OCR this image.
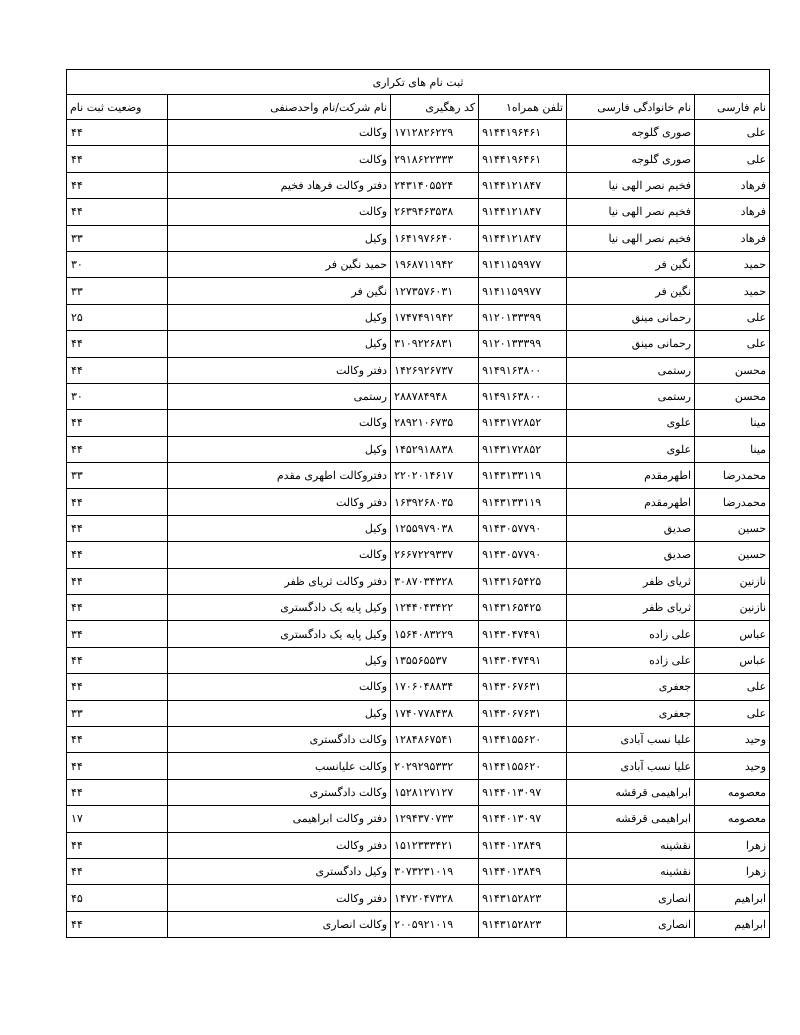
ثبت نام های تکراری					
نام فارسی	نام خانوادگی فارسی	تلفن همراه۱	کد رهگیری	نام شرکت/نام واحدصنفی	وضعیت ثبت نام
علی	صوری گلوجه	۹۱۴۴۱۹۶۴۶۱	۱۷۱۲۸۲۶۲۲۹	وکالت	۴۴
علی	صوری گلوجه	۹۱۴۴۱۹۶۴۶۱	۲۹۱۸۶۲۲۳۳۳	وکالت	۴۴
فرهاد	فخیم نصر الهی نیا	۹۱۴۴۱۲۱۸۴۷	۲۴۳۱۴۰۵۵۲۴	دفتر وکالت فرهاد فخیم	۴۴
فرهاد	فخیم نصر الهی نیا	۹۱۴۴۱۲۱۸۴۷	۲۶۳۹۴۶۳۵۳۸	وکالت	۴۴
فرهاد	فخیم نصر الهی نیا	۹۱۴۴۱۲۱۸۴۷	۱۶۴۱۹۷۶۶۴۰	وکیل	۳۳
حمید	نگین فر	۹۱۴۱۱۵۹۹۷۷	۱۹۶۸۷۱۱۹۴۲	حمید نگین فر	۳۰
حمید	نگین فر	۹۱۴۱۱۵۹۹۷۷	۱۲۷۳۵۷۶۰۳۱	نگین فر	۳۳
علی	رحمانی مینق	۹۱۲۰۱۳۳۳۹۹	۱۷۴۷۴۹۱۹۴۲	وکیل	۲۵
علی	رحمانی مینق	۹۱۲۰۱۳۳۳۹۹	۳۱۰۹۲۲۶۸۳۱	وکیل	۴۴
محسن	رستمی	۹۱۴۹۱۶۳۸۰۰	۱۴۲۶۹۲۶۷۳۷	دفتر وکالت	۴۴
محسن	رستمی	۹۱۴۹۱۶۳۸۰۰	۲۸۸۷۸۴۹۴۸	رستمی	۳۰
مینا	علوی	۹۱۴۳۱۷۲۸۵۲	۲۸۹۲۱۰۶۷۳۵	وکالت	۴۴
مینا	علوی	۹۱۴۳۱۷۲۸۵۲	۱۴۵۲۹۱۸۸۳۸	وکیل	۴۴
محمدرضا	اطهرمقدم	۹۱۴۳۱۳۳۱۱۹	۲۲۰۲۰۱۴۶۱۷	دفتروکالت اطهری مقدم	۳۳
محمدرضا	اطهرمقدم	۹۱۴۳۱۳۳۱۱۹	۱۶۳۹۲۶۸۰۳۵	دفتر وکالت	۴۴
حسین	صدیق	۹۱۴۳۰۵۷۷۹۰	۱۲۵۵۹۷۹۰۳۸	وکیل	۴۴
حسین	صدیق	۹۱۴۳۰۵۷۷۹۰	۲۶۶۷۲۲۹۳۳۷	وکالت	۴۴
نازنین	ثریای ظفر	۹۱۴۳۱۶۵۴۲۵	۳۰۸۷۰۳۴۳۲۸	دفتر وکالت ثریای ظفر	۴۴
نازنین	ثریای ظفر	۹۱۴۳۱۶۵۴۲۵	۱۲۴۴۰۴۳۴۲۲	وکیل پایه یک دادگستری	۴۴
عباس	علی زاده	۹۱۴۳۰۴۷۴۹۱	۱۵۶۴۰۸۳۲۲۹	وکیل پایه یک دادگستری	۳۴
عباس	علی زاده	۹۱۴۳۰۴۷۴۹۱	۱۳۵۵۶۵۵۳۷	وکیل	۴۴
علی	جعفری	۹۱۴۳۰۶۷۶۳۱	۱۷۰۶۰۴۸۸۳۴	وکالت	۴۴
علی	جعفری	۹۱۴۳۰۶۷۶۳۱	۱۷۴۰۷۷۸۴۳۸	وکیل	۳۳
وحید	علیا نسب آبادی	۹۱۴۴۱۵۵۶۲۰	۱۲۸۴۸۶۷۵۴۱	وکالت دادگستری	۴۴
وحید	علیا نسب آبادی	۹۱۴۴۱۵۵۶۲۰	۲۰۲۹۲۹۵۳۳۲	وکالت علیانسب	۴۴
معصومه	ابراهیمی قرقشه	۹۱۴۴۰۱۳۰۹۷	۱۵۲۸۱۲۷۱۲۷	وکالت دادگستری	۴۴
معصومه	ابراهیمی قرقشه	۹۱۴۴۰۱۳۰۹۷	۱۲۹۴۳۷۰۷۳۳	دفتر وکالت ابراهیمی	۱۷
زهرا	نقشینه	۹۱۴۴۰۱۳۸۴۹	۱۵۱۲۳۳۳۴۲۱	دفتر وکالت	۴۴
زهرا	نقشینه	۹۱۴۴۰۱۳۸۴۹	۳۰۷۳۲۳۱۰۱۹	وکیل دادگستری	۴۴
ابراهیم	انصاری	۹۱۴۳۱۵۲۸۲۳	۱۴۷۲۰۴۷۳۲۸	دفتر وکالت	۴۵
ابراهیم	انصاری	۹۱۴۳۱۵۲۸۲۳	۲۰۰۵۹۲۱۰۱۹	وکالت انصاری	۴۴
